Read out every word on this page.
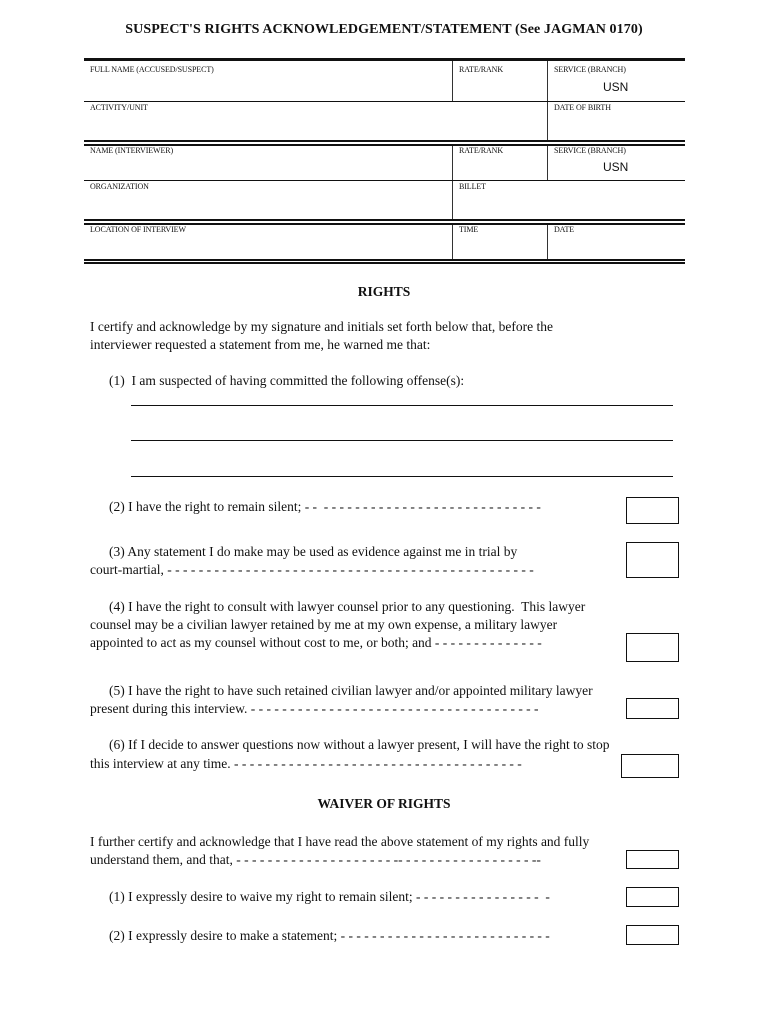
SUSPECT'S RIGHTS ACKNOWLEDGEMENT/STATEMENT (See JAGMAN 0170)
FULL NAME (ACCUSED/SUSPECT)	RATE/RANK	SERVICE (BRANCH)
USN
ACTIVITY/UNIT	DATE OF BIRTH
NAME (INTERVIEWER)	RATE/RANK	SERVICE (BRANCH)
USN
ORGANIZATION	BILLET
LOCATION OF INTERVIEW	TIME	DATE
RIGHTS
I certify and acknowledge by my signature and initials set forth below that, before the
interviewer requested a statement from me, he warned me that:
(1)  I am suspected of having committed the following offense(s):
(2) I have the right to remain silent; - -  - - - - - - - - - - - - - - - - - - - - - - - - - - - -
(3) Any statement I do make may be used as evidence against me in trial by
court-martial, - - - - - - - - - - - - - - - - - - - - - - - - - - - - - - - - - - - - - - - - - - - - - - -
(4) I have the right to consult with lawyer counsel prior to any questioning.  This lawyer
counsel may be a civilian lawyer retained by me at my own expense, a military lawyer
appointed to act as my counsel without cost to me, or both; and - - - - - - - - - - - - - -
(5) I have the right to have such retained civilian lawyer and/or appointed military lawyer
present during this interview. - - - - - - - - - - - - - - - - - - - - - - - - - - - - - - - - - - - - -
(6) If I decide to answer questions now without a lawyer present, I will have the right to stop
this interview at any time. - - - - - - - - - - - - - - - - - - - - - - - - - - - - - - - - - - - - -
WAIVER OF RIGHTS
I further certify and acknowledge that I have read the above statement of my rights and fully
understand them, and that, - - - - - - - - - - - - - - - - - - - - -- - - - - - - - - - - - - - - - - --
(1) I expressly desire to waive my right to remain silent; - - - - - - - - - - - - - - - -  -
(2) I expressly desire to make a statement; - - - - - - - - - - - - - - - - - - - - - - - - - - -
